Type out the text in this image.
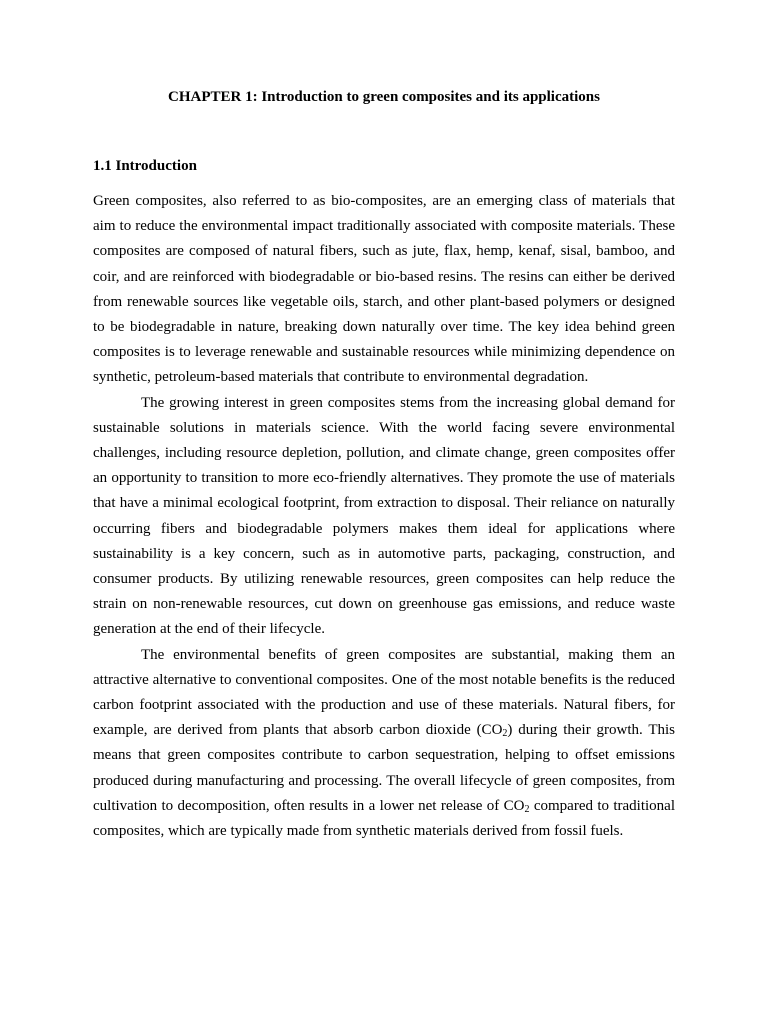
CHAPTER 1: Introduction to green composites and its applications
1.1 Introduction

Green composites, also referred to as bio-composites, are an emerging class of materials that aim to reduce the environmental impact traditionally associated with composite materials. These composites are composed of natural fibers, such as jute, flax, hemp, kenaf, sisal, bamboo, and coir, and are reinforced with biodegradable or bio-based resins. The resins can either be derived from renewable sources like vegetable oils, starch, and other plant-based polymers or designed to be biodegradable in nature, breaking down naturally over time. The key idea behind green composites is to leverage renewable and sustainable resources while minimizing dependence on synthetic, petroleum-based materials that contribute to environmental degradation.

The growing interest in green composites stems from the increasing global demand for sustainable solutions in materials science. With the world facing severe environmental challenges, including resource depletion, pollution, and climate change, green composites offer an opportunity to transition to more eco-friendly alternatives. They promote the use of materials that have a minimal ecological footprint, from extraction to disposal. Their reliance on naturally occurring fibers and biodegradable polymers makes them ideal for applications where sustainability is a key concern, such as in automotive parts, packaging, construction, and consumer products. By utilizing renewable resources, green composites can help reduce the strain on non-renewable resources, cut down on greenhouse gas emissions, and reduce waste generation at the end of their lifecycle.

The environmental benefits of green composites are substantial, making them an attractive alternative to conventional composites. One of the most notable benefits is the reduced carbon footprint associated with the production and use of these materials. Natural fibers, for example, are derived from plants that absorb carbon dioxide $(CO_2)$ during their growth. This means that green composites contribute to carbon sequestration, helping to offset emissions produced during manufacturing and processing. The overall lifecycle of green composites, from cultivation to decomposition, often results in a lower net release of $CO_2$ compared to traditional composites, which are typically made from synthetic materials derived from fossil fuels.
